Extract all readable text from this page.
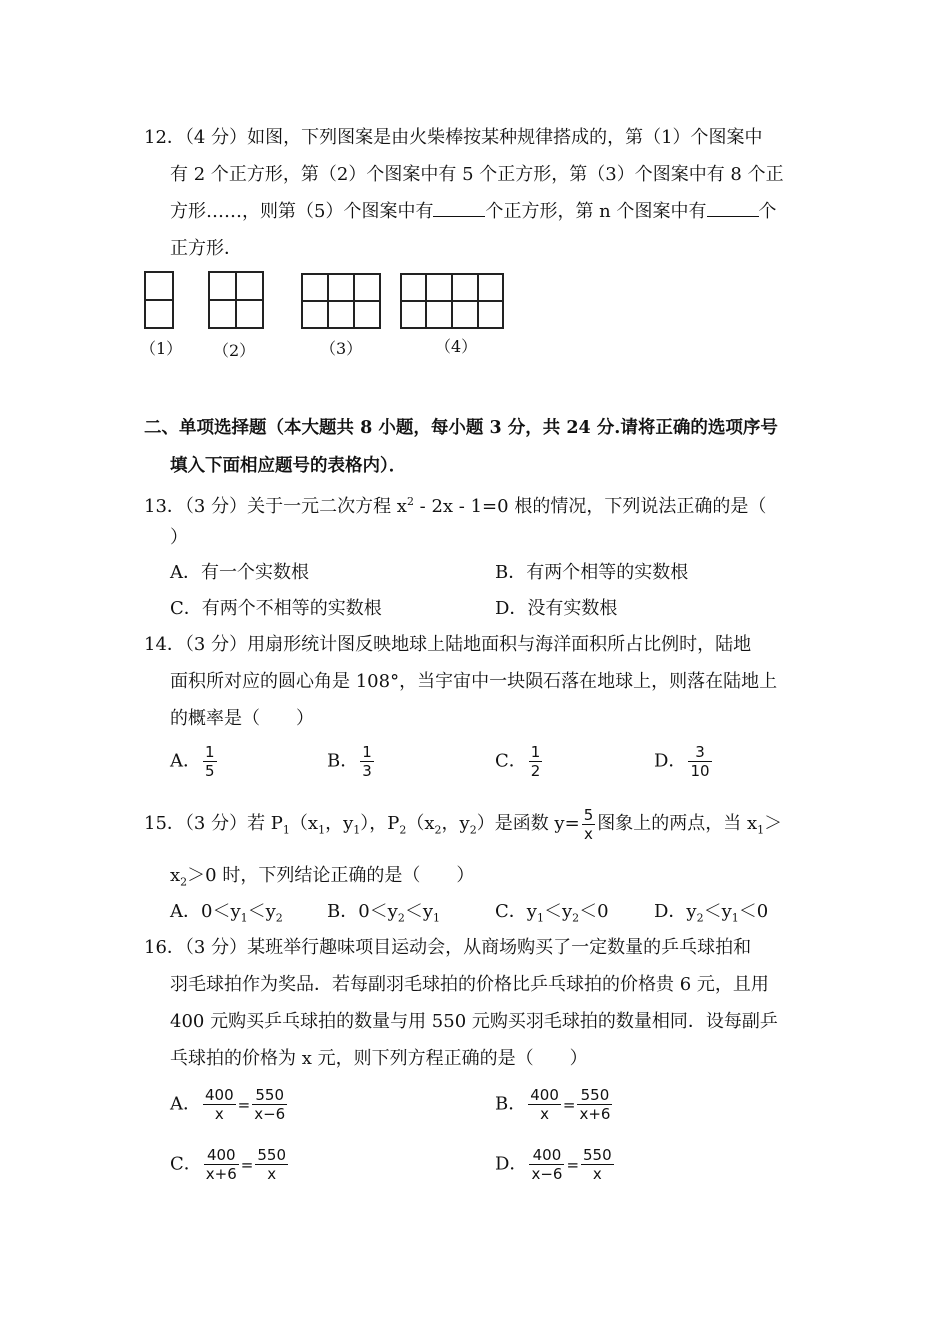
12．（4 分）如图，下列图案是由火柴棒按某种规律搭成的，第（1）个图案中
有 2 个正方形，第（2）个图案中有 5 个正方形，第（3）个图案中有 8 个正
方形……，则第（5）个图案中有	个正方形，第 n 个图案中有	个
正方形．
（1） （2）	（3）	（4）
二、单项选择题（本大题共 8 小题，每小题 3 分，共 24 分.请将正确的选项序号
填入下面相应题号的表格内）．
13．（3 分）关于一元二次方程 $x^2 - 2x - 1=0$ 根的情况，下列说法正确的是（
）
A．有一个实数根	B．有两个相等的实数根
C．有两个不相等的实数根	D．没有实数根
14．（3 分）用扇形统计图反映地球上陆地面积与海洋面积所占比例时，陆地
面积所对应的圆心角是 108°，当宇宙中一块陨石落在地球上，则落在陆地上
的概率是（　　）
A． $\frac{1}{5}$	B． $\frac{1}{3}$	C． $\frac{1}{2}$	D． $\frac{3}{10}$
15．（3 分）若 $P_1(x_1$，$y_1$），$P_2(x_2$，$y_2$）是函数 $y= \frac{5}{x}$ 图象上的两点，当 $x_1>$
$x_2>0$ 时，下列结论正确的是（　　）
A．$0<y_1<y_2$ B．$0<y_2<y_1$	C．$y_1<y_2<0$	D．$y_2<y_1<0$
16．（3 分）某班举行趣味项目运动会，从商场购买了一定数量的乒乓球拍和
羽毛球拍作为奖品．若每副羽毛球拍的价格比乒乓球拍的价格贵 6 元，且用
400 元购买乒乓球拍的数量与用 550 元购买羽毛球拍的数量相同．设每副乒
乓球拍的价格为 x 元，则下列方程正确的是（　　）
A． $\frac{400}{x} = \frac{550}{x-6}$	B． $\frac{400}{x} = \frac{550}{x+6}$
C． $\frac{400}{x+6} = \frac{550}{x}$	D． $\frac{400}{x-6} = \frac{550}{x}$
